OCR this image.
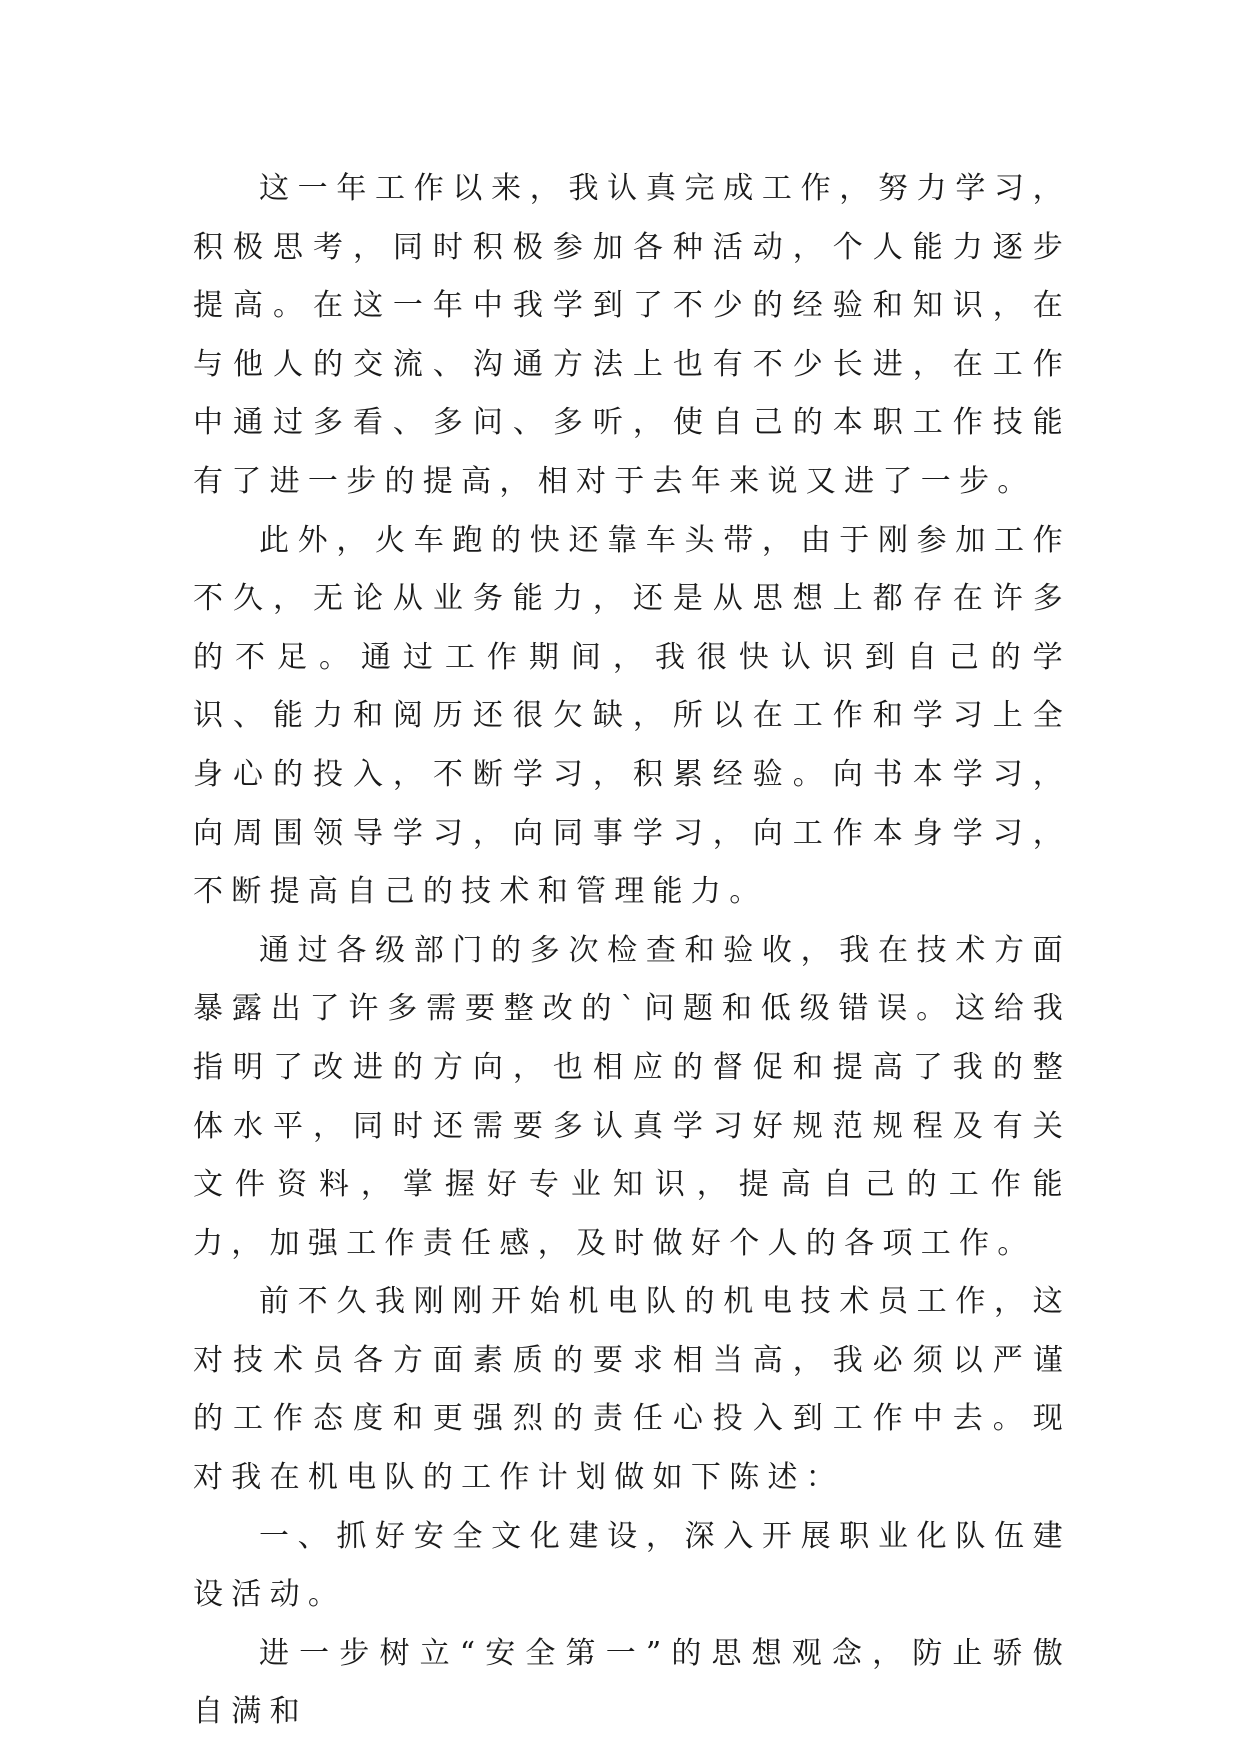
这一年工作以来，我认真完成工作，努力学习，积极思考，同时积极参加各种活动，个人能力逐步提高。在这一年中我学到了不少的经验和知识，在与他人的交流、沟通方法上也有不少长进，在工作中通过多看、多问、多听，使自己的本职工作技能有了进一步的提高，相对于去年来说又进了一步。

此外，火车跑的快还靠车头带，由于刚参加工作不久，无论从业务能力，还是从思想上都存在许多的不足。通过工作期间，我很快认识到自己的学识、能力和阅历还很欠缺，所以在工作和学习上全身心的投入，不断学习，积累经验。向书本学习，向周围领导学习，向同事学习，向工作本身学习，不断提高自己的技术和管理能力。

通过各级部门的多次检查和验收，我在技术方面暴露出了许多需要整改的`问题和低级错误。这给我指明了改进的方向，也相应的督促和提高了我的整体水平，同时还需要多认真学习好规范规程及有关文件资料，掌握好专业知识，提高自己的工作能力，加强工作责任感，及时做好个人的各项工作。

前不久我刚刚开始机电队的机电技术员工作，这对技术员各方面素质的要求相当高，我必须以严谨的工作态度和更强烈的责任心投入到工作中去。现对我在机电队的工作计划做如下陈述：

一、抓好安全文化建设，深入开展职业化队伍建设活动。

进一步树立“安全第一”的思想观念，防止骄傲自满和
